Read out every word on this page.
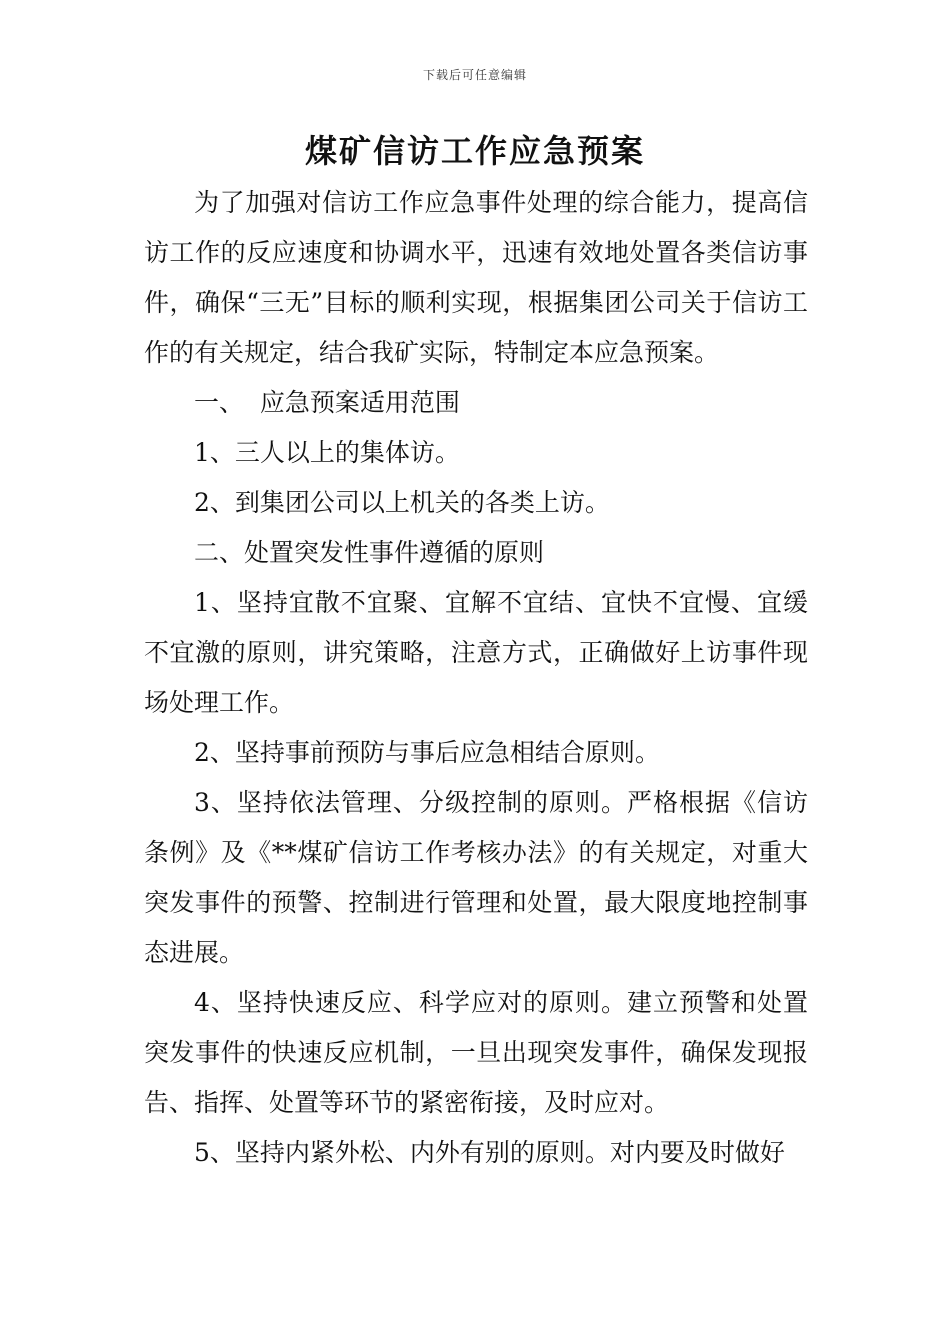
下载后可任意编辑
煤矿信访工作应急预案

为了加强对信访工作应急事件处理的综合能力，提高信访工作的反应速度和协调水平，迅速有效地处置各类信访事件，确保“三无”目标的顺利实现，根据集团公司关于信访工作的有关规定，结合我矿实际，特制定本应急预案。

一、  应急预案适用范围

1、三人以上的集体访。

2、到集团公司以上机关的各类上访。

二、处置突发性事件遵循的原则

1、坚持宜散不宜聚、宜解不宜结、宜快不宜慢、宜缓不宜激的原则，讲究策略，注意方式，正确做好上访事件现场处理工作。

2、坚持事前预防与事后应急相结合原则。

3、坚持依法管理、分级控制的原则。严格根据《信访条例》及《**煤矿信访工作考核办法》的有关规定，对重大突发事件的预警、控制进行管理和处置，最大限度地控制事态进展。

4、坚持快速反应、科学应对的原则。建立预警和处置突发事件的快速反应机制，一旦出现突发事件，确保发现报告、指挥、处置等环节的紧密衔接，及时应对。

5、坚持内紧外松、内外有别的原则。对内要及时做好
